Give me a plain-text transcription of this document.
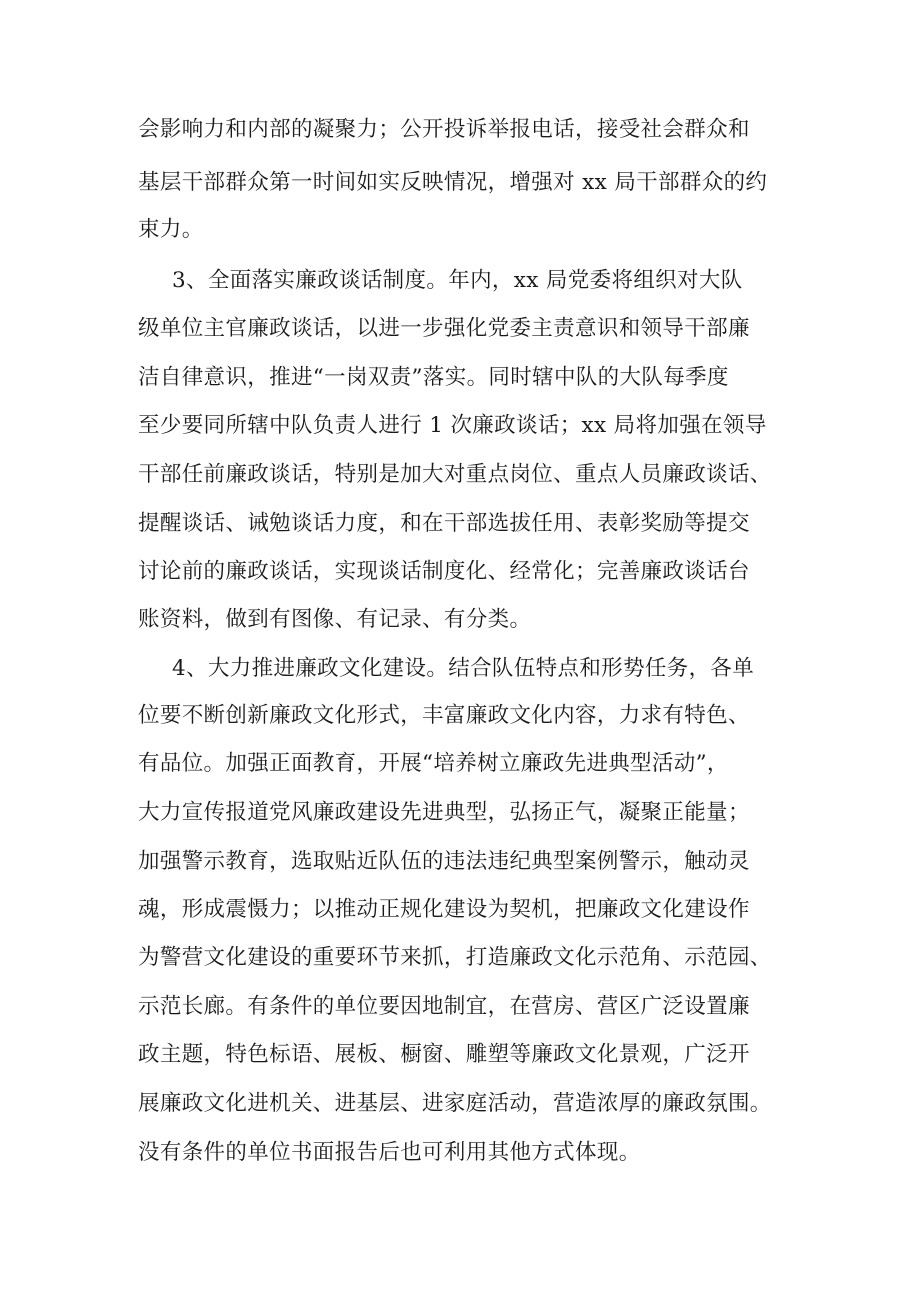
会影响力和内部的凝聚力；公开投诉举报电话，接受社会群众和
基层干部群众第一时间如实反映情况，增强对 xx 局干部群众的约
束力。
3、全面落实廉政谈话制度。年内，xx 局党委将组织对大队
级单位主官廉政谈话，以进一步强化党委主责意识和领导干部廉
洁自律意识，推进“一岗双责”落实。同时辖中队的大队每季度
至少要同所辖中队负责人进行 1 次廉政谈话；xx 局将加强在领导
干部任前廉政谈话，特别是加大对重点岗位、重点人员廉政谈话、
提醒谈话、诫勉谈话力度，和在干部选拔任用、表彰奖励等提交
讨论前的廉政谈话，实现谈话制度化、经常化；完善廉政谈话台
账资料，做到有图像、有记录、有分类。
4、大力推进廉政文化建设。结合队伍特点和形势任务，各单
位要不断创新廉政文化形式，丰富廉政文化内容，力求有特色、
有品位。加强正面教育，开展“培养树立廉政先进典型活动”，
大力宣传报道党风廉政建设先进典型，弘扬正气，凝聚正能量；
加强警示教育，选取贴近队伍的违法违纪典型案例警示，触动灵
魂，形成震慑力；以推动正规化建设为契机，把廉政文化建设作
为警营文化建设的重要环节来抓，打造廉政文化示范角、示范园、
示范长廊。有条件的单位要因地制宜，在营房、营区广泛设置廉
政主题，特色标语、展板、橱窗、雕塑等廉政文化景观，广泛开
展廉政文化进机关、进基层、进家庭活动，营造浓厚的廉政氛围。
没有条件的单位书面报告后也可利用其他方式体现。
